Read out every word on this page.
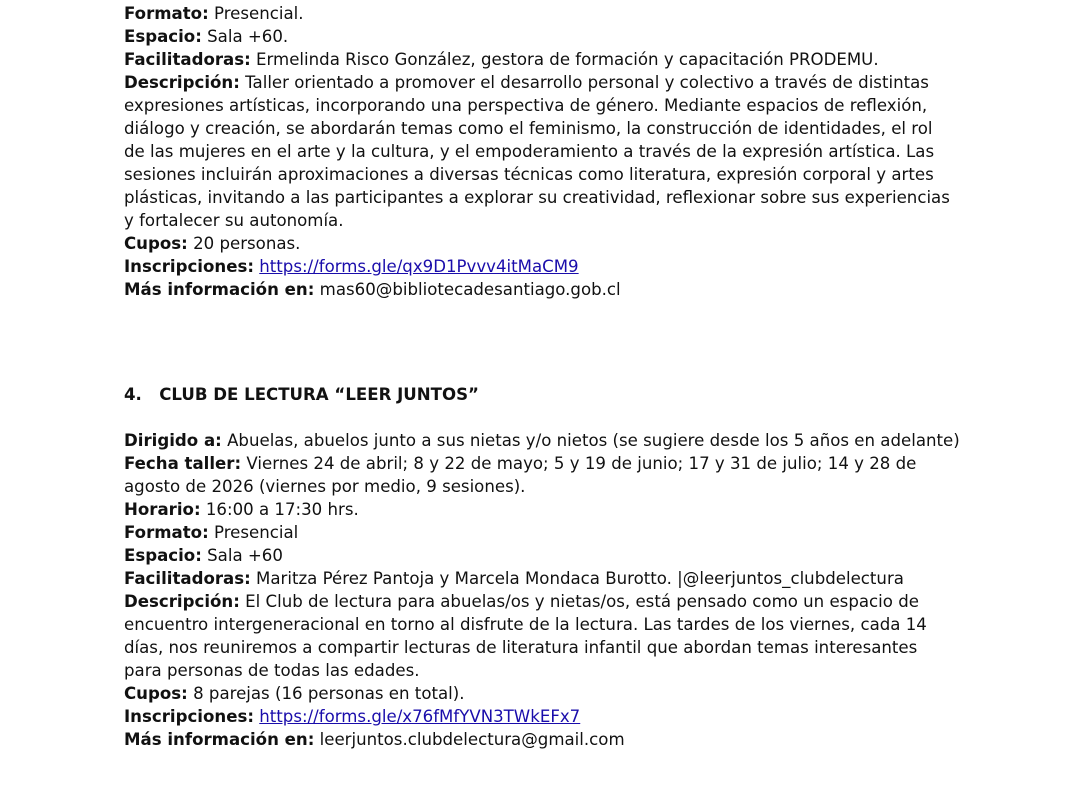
Formato: Presencial.

Espacio: Sala +60.

Facilitadoras: Ermelinda Risco González, gestora de formación y capacitación PRODEMU.

Descripción: Taller orientado a promover el desarrollo personal y colectivo a través de distintas expresiones artísticas, incorporando una perspectiva de género. Mediante espacios de reflexión, diálogo y creación, se abordarán temas como el feminismo, la construcción de identidades, el rol de las mujeres en el arte y la cultura, y el empoderamiento a través de la expresión artística. Las sesiones incluirán aproximaciones a diversas técnicas como literatura, expresión corporal y artes plásticas, invitando a las participantes a explorar su creatividad, reflexionar sobre sus experiencias y fortalecer su autonomía.

Cupos: 20 personas.

Inscripciones: https://forms.gle/qx9D1Pvvv4itMaCM9

Más información en: mas60@bibliotecadesantiago.gob.cl

4. CLUB DE LECTURA “LEER JUNTOS”

Dirigido a: Abuelas, abuelos junto a sus nietas y/o nietos (se sugiere desde los 5 años en adelante)

Fecha taller: Viernes 24 de abril; 8 y 22 de mayo; 5 y 19 de junio; 17 y 31 de julio; 14 y 28 de agosto de 2026 (viernes por medio, 9 sesiones).

Horario: 16:00 a 17:30 hrs.

Formato: Presencial

Espacio: Sala +60

Facilitadoras: Maritza Pérez Pantoja y Marcela Mondaca Burotto. |@leerjuntos_clubdelectura

Descripción: El Club de lectura para abuelas/os y nietas/os, está pensado como un espacio de encuentro intergeneracional en torno al disfrute de la lectura. Las tardes de los viernes, cada 14 días, nos reuniremos a compartir lecturas de literatura infantil que abordan temas interesantes para personas de todas las edades.

Cupos: 8 parejas (16 personas en total).

Inscripciones: https://forms.gle/x76fMfYVN3TWkEFx7

Más información en: leerjuntos.clubdelectura@gmail.com
